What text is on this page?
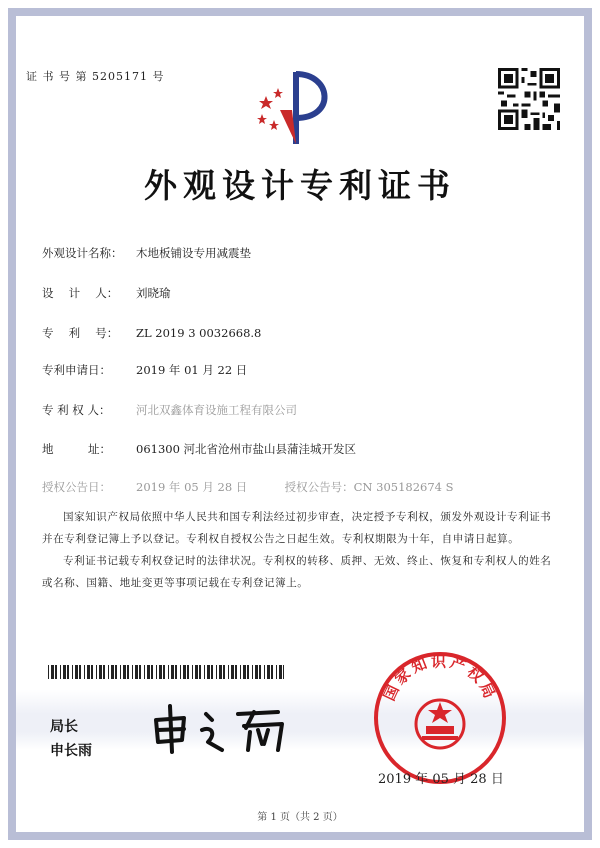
证 书 号 第 5205171 号
外观设计专利证书
外观设计名称： 木地板铺设专用减震垫
设　 计　 人： 刘晓瑜
专　 利　 号： ZL 2019 3 0032668.8
专利申请日： 2019 年 01 月 22 日
专 利 权 人： 河北双鑫体育设施工程有限公司
地　　　址： 061300 河北省沧州市盐山县蒲洼城开发区
授权公告日： 2019 年 05 月 28 日	授权公告号：CN 305182674 S

国家知识产权局依照中华人民共和国专利法经过初步审查，决定授予专利权，颁发外观设计专利证书并在专利登记簿上予以登记。专利权自授权公告之日起生效。专利权期限为十年，自申请日起算。

专利证书记载专利权登记时的法律状况。专利权的转移、质押、无效、终止、恢复和专利权人的姓名或名称、国籍、地址变更等事项记载在专利登记簿上。

局长
申长雨
国家知识产权局
2019 年 05 月 28 日
第 1 页（共 2 页）
